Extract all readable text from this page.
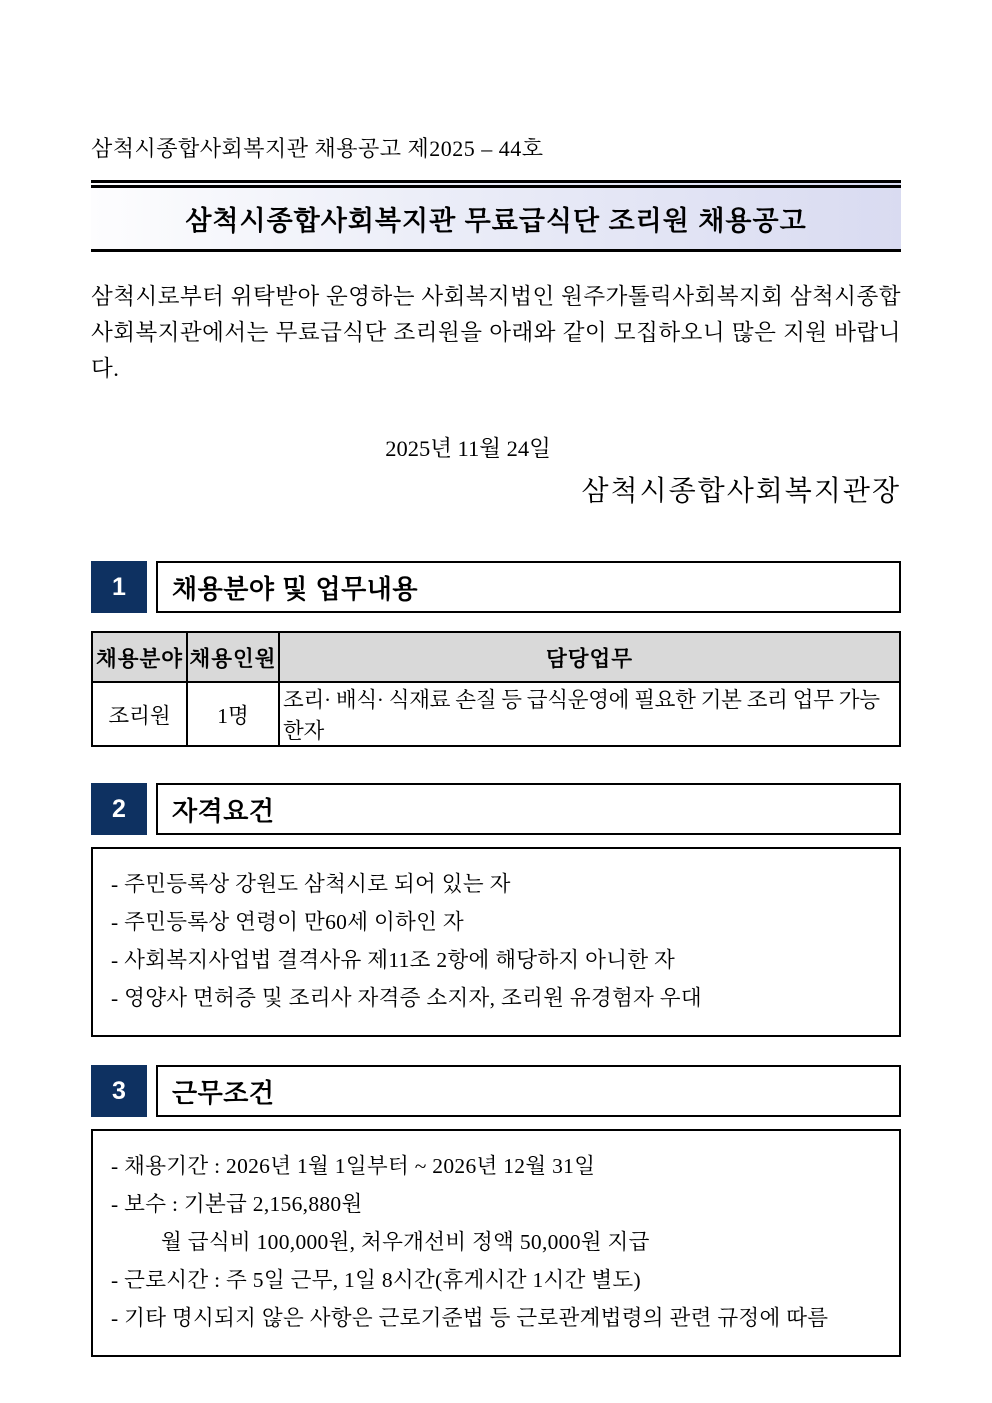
삼척시종합사회복지관 채용공고 제2025 – 44호
삼척시종합사회복지관 무료급식단 조리원 채용공고
삼척시로부터 위탁받아 운영하는 사회복지법인 원주가톨릭사회복지회 삼척시종합사회복지관에서는 무료급식단 조리원을 아래와 같이 모집하오니 많은 지원 바랍니다.
2025년 11월 24일
삼척시종합사회복지관장
1	채용분야 및 업무내용
채용분야	채용인원	담당업무
조리원	1명	조리· 배식· 식재료 손질 등 급식운영에 필요한 기본 조리 업무 가능한자
2	자격요건
- 주민등록상 강원도 삼척시로 되어 있는 자
- 주민등록상 연령이 만60세 이하인 자
- 사회복지사업법 결격사유 제11조 2항에 해당하지 아니한 자
- 영양사 면허증 및 조리사 자격증 소지자, 조리원 유경험자 우대
3	근무조건
- 채용기간 : 2026년 1월 1일부터 ~ 2026년 12월 31일
- 보수 : 기본급 2,156,880원
월 급식비 100,000원, 처우개선비 정액 50,000원 지급
- 근로시간 : 주 5일 근무, 1일 8시간(휴게시간 1시간 별도)
- 기타 명시되지 않은 사항은 근로기준법 등 근로관계법령의 관련 규정에 따름
